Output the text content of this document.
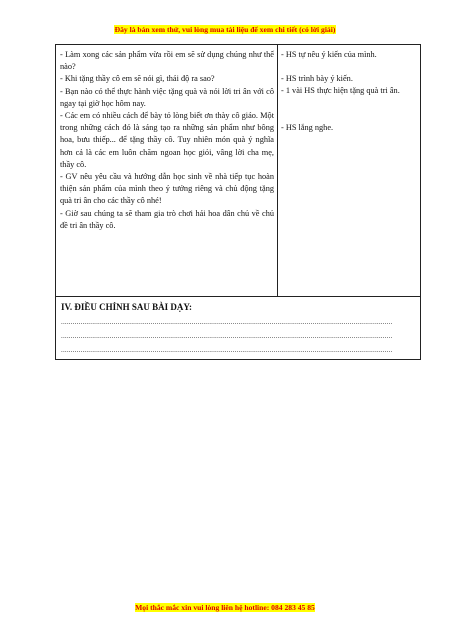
Đây là bản xem thử, vui lòng mua tài liệu để xem chi tiết (có lời giải)

- Làm xong các sản phẩm vừa rồi em sẽ sử dụng chúng như thế nào?

- Khi tặng thầy cô em sẽ nói gì, thái độ ra sao?

- Bạn nào có thể thực hành việc tặng quà và nói lời tri ân với cô ngay tại giờ học hôm nay.

- Các em có nhiều cách để bày tỏ lòng biết ơn thày cô giáo. Một trong những cách đó là sáng tạo ra những sản phẩm như bông hoa, bưu thiếp... để tặng thầy cô. Tuy nhiên món quà ý nghĩa hơn cả là các em luôn chăm ngoan học giỏi, vâng lời cha mẹ, thầy cô.

- GV nêu yêu cầu và hướng dẫn học sinh về nhà tiếp tục hoàn thiện sản phẩm của mình theo ý tưởng riêng và chủ động tặng quà tri ân cho các thầy cô nhé!

- Giờ sau chúng ta sẽ tham gia trò chơi hái hoa dân chủ về chủ đề tri ân thầy cô.

- HS tự nêu ý kiến của mình.

- HS trình bày ý kiến.

- 1 vài HS thực hiện tặng quà tri ân.

- HS lắng nghe.

IV. ĐIỀU CHỈNH SAU BÀI DẠY:
..........................................................................................................................................................................
..........................................................................................................................................................................
..........................................................................................................................................................................
Mọi thắc mắc xin vui lòng liên hệ hotline: 084 283 45 85
